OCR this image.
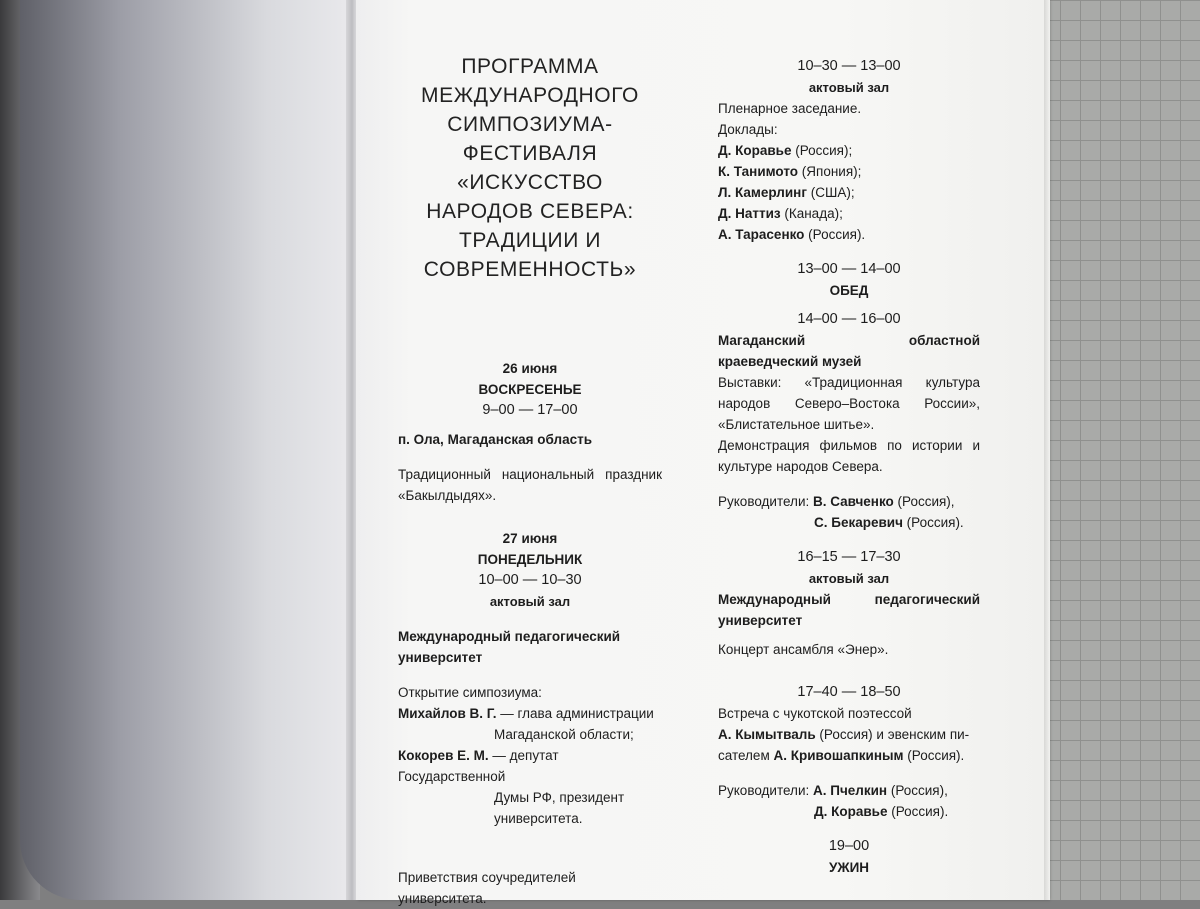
ПРОГРАММА
МЕЖДУНАРОДНОГО
СИМПОЗИУМА-
ФЕСТИВАЛЯ
«ИСКУССТВО
НАРОДОВ СЕВЕРА:
ТРАДИЦИИ И
СОВРЕМЕННОСТЬ»
26 июня
ВОСКРЕСЕНЬЕ
9–00 — 17–00
п. Ола, Магаданская область
Традиционный национальный праздник «Бакылдыдях».
27 июня
ПОНЕДЕЛЬНИК
10–00 — 10–30
актовый зал
Международный педагогический университет
Открытие симпозиума:
Михайлов В. Г. — глава администрации
Магаданской области;
Кокорев Е. М. — депутат Государственной
Думы РФ, президент
университета.
Приветствия соучредителей университета.
10–30 — 13–00
актовый зал
Пленарное заседание.
Доклады:
Д. Коравье (Россия);
К. Танимото (Япония);
Л. Камерлинг (США);
Д. Наттиз (Канада);
А. Тарасенко (Россия).
13–00 — 14–00
ОБЕД
14–00 — 16–00
Магаданский областной краеведческий музей
Выставки: «Традиционная культура народов Северо–Востока России», «Блистательное шитье».
Демонстрация фильмов по истории и культуре народов Севера.
Руководители: В. Савченко (Россия),
С. Бекаревич (Россия).
16–15 — 17–30
актовый зал
Международный педагогический университет
Концерт ансамбля «Энер».
17–40 — 18–50
Встреча с чукотской поэтессой
А. Кымытваль (Россия) и эвенским пи-
сателем А. Кривошапкиным (Россия).
Руководители: А. Пчелкин (Россия),
Д. Коравье (Россия).
19–00
УЖИН
